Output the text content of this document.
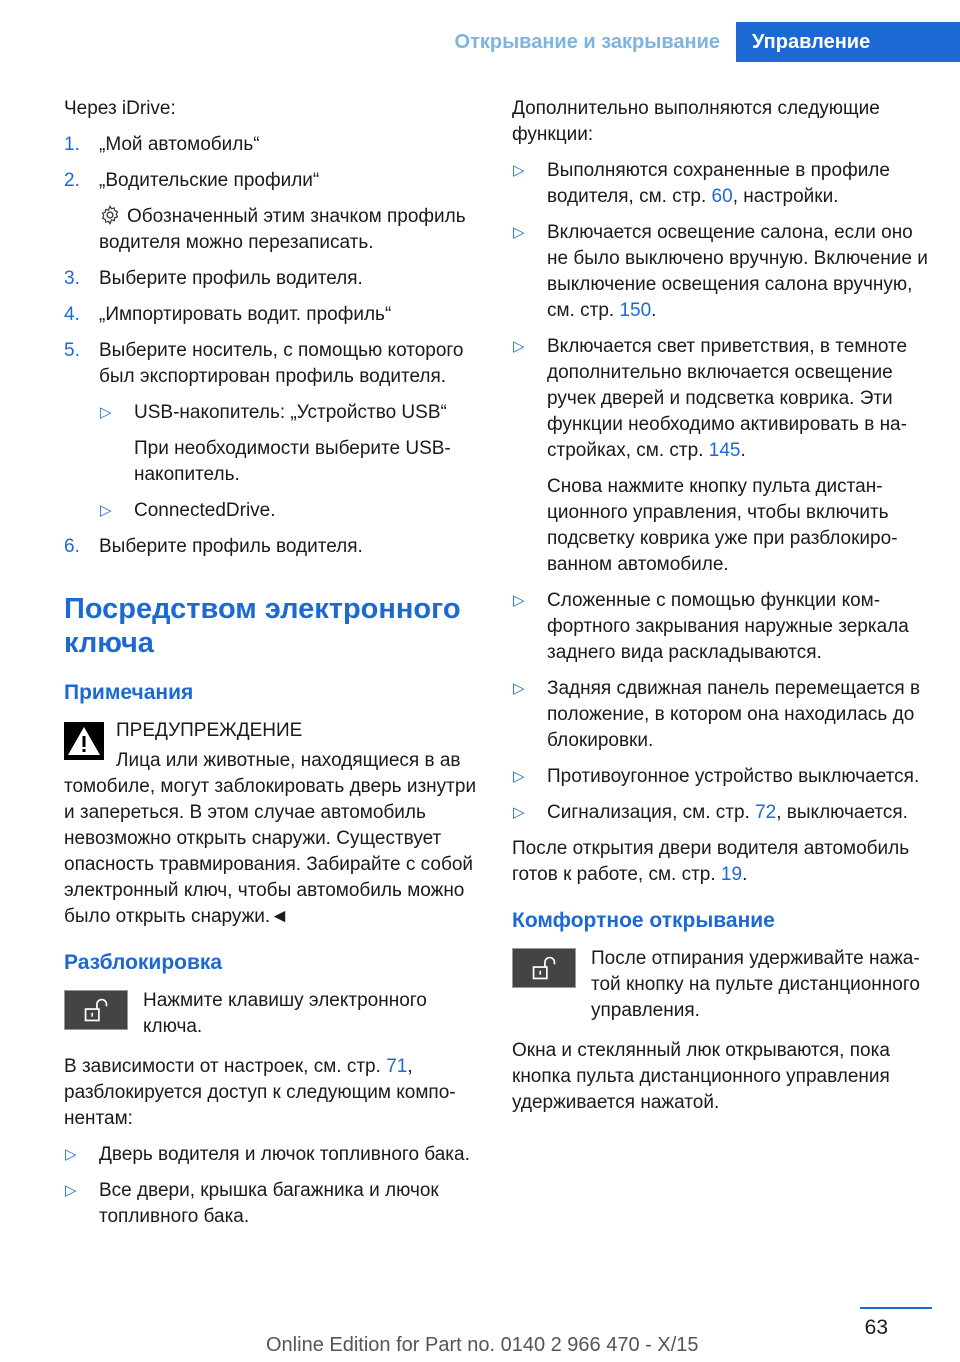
Открывание и закрывание	Управление

Через iDrive:

1. „Мой автомобиль“
2. „Водительские профили“
Обозначенный этим значком профиль водителя можно перезаписать.
3. Выберите профиль водителя.
4. „Импортировать водит. профиль“
5. Выберите носитель, с помощью которого был экспортирован профиль водителя.
▷ USB-накопитель: „Устройство USB“
При необходимости выберите USB-накопитель.
▷ ConnectedDrive.
6. Выберите профиль водителя.
Посредством электронного ключа
Примечания
ПРЕДУПРЕЖДЕНИЕ
Лица или животные, находящиеся в ав
томобиле, могут заблокировать дверь изнутри и запереться. В этом случае автомобиль невозможно открыть снаружи. Существует опасность травмирования. Забирайте с собой электронный ключ, чтобы автомобиль можно было открыть снаружи.◄
Разблокировка
Нажмите клавишу электронного ключа.

В зависимости от настроек, см. стр. 71, разблокируется доступ к следующим компонентам:

▷ Дверь водителя и лючок топливного бака.
▷ Все двери, крышка багажника и лючок топливного бака.

Дополнительно выполняются следующие функции:

▷ Выполняются сохраненные в профиле водителя, см. стр. 60, настройки.
▷ Включается освещение салона, если оно не было выключено вручную. Включение и выключение освещения салона вручную, см. стр. 150.
▷ Включается свет приветствия, в темноте дополнительно включается освещение ручек дверей и подсветка коврика. Эти функции необходимо активировать в настройках, см. стр. 145.
Снова нажмите кнопку пульта дистанционного управления, чтобы включить подсветку коврика уже при разблокированном автомобиле.
▷ Сложенные с помощью функции комфортного закрывания наружные зеркала заднего вида раскладываются.
▷ Задняя сдвижная панель перемещается в положение, в котором она находилась до блокировки.
▷ Противоугонное устройство выключается.
▷ Сигнализация, см. стр. 72, выключается.

После открытия двери водителя автомобиль готов к работе, см. стр. 19.

Комфортное открывание
После отпирания удерживайте нажатой кнопку на пульте дистанционного управления.

Окна и стеклянный люк открываются, пока кнопка пульта дистанционного управления удерживается нажатой.

63
Online Edition for Part no. 0140 2 966 470 - X/15
